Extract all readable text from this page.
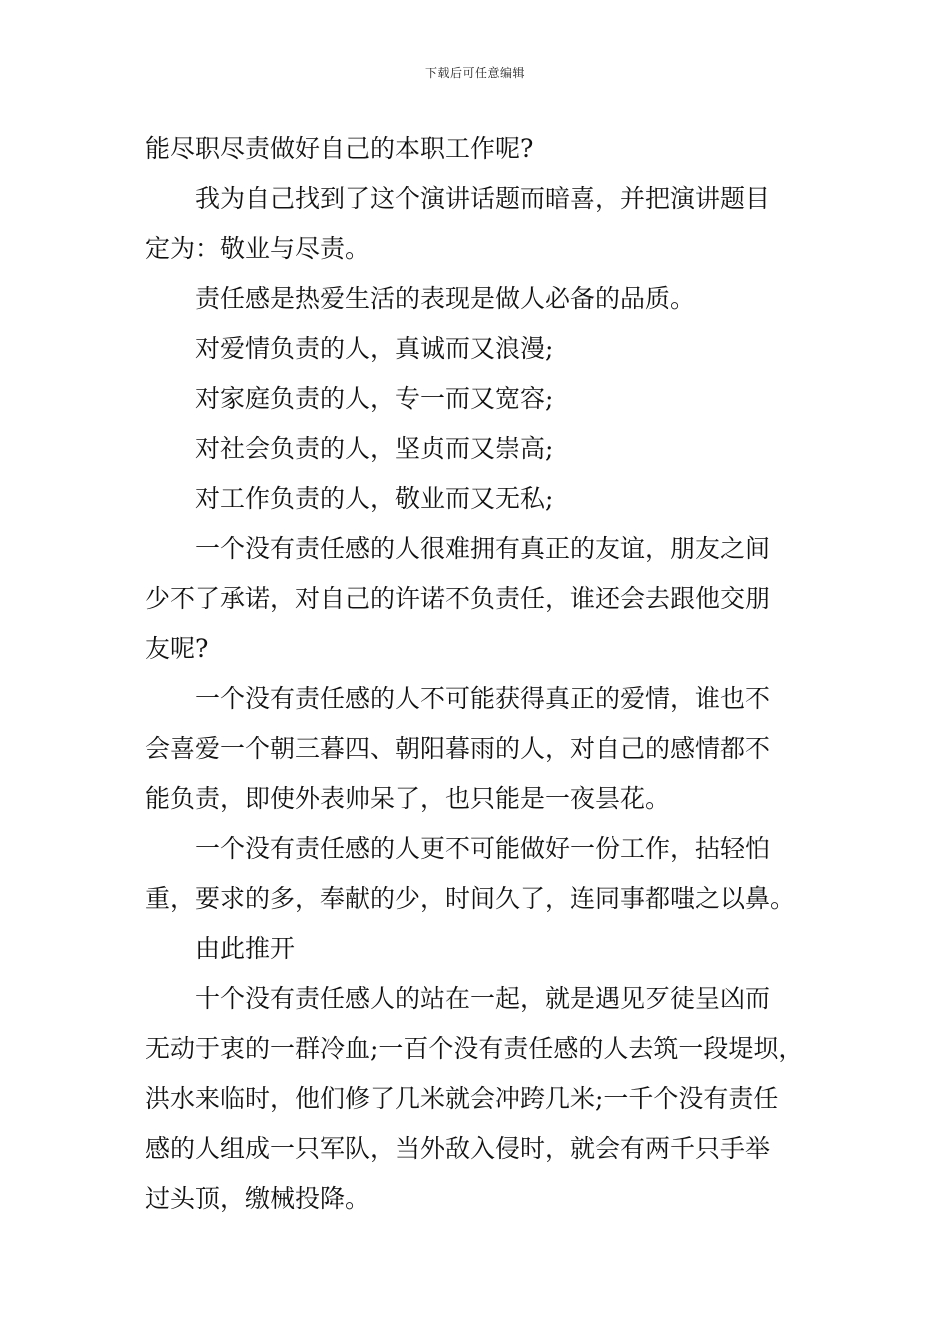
下载后可任意编辑

能尽职尽责做好自己的本职工作呢?

我为自己找到了这个演讲话题而暗喜，并把演讲题目

定为：敬业与尽责。

责任感是热爱生活的表现是做人必备的品质。

对爱情负责的人，真诚而又浪漫;

对家庭负责的人，专一而又宽容;

对社会负责的人，坚贞而又崇高;

对工作负责的人，敬业而又无私;

一个没有责任感的人很难拥有真正的友谊，朋友之间

少不了承诺，对自己的许诺不负责任，谁还会去跟他交朋

友呢?

一个没有责任感的人不可能获得真正的爱情，谁也不

会喜爱一个朝三暮四、朝阳暮雨的人，对自己的感情都不

能负责，即使外表帅呆了，也只能是一夜昙花。

一个没有责任感的人更不可能做好一份工作，拈轻怕

重，要求的多，奉献的少，时间久了，连同事都嗤之以鼻。

由此推开

十个没有责任感人的站在一起，就是遇见歹徒呈凶而

无动于衷的一群冷血;一百个没有责任感的人去筑一段堤坝，

洪水来临时，他们修了几米就会冲跨几米;一千个没有责任

感的人组成一只军队，当外敌入侵时，就会有两千只手举

过头顶，缴械投降。
